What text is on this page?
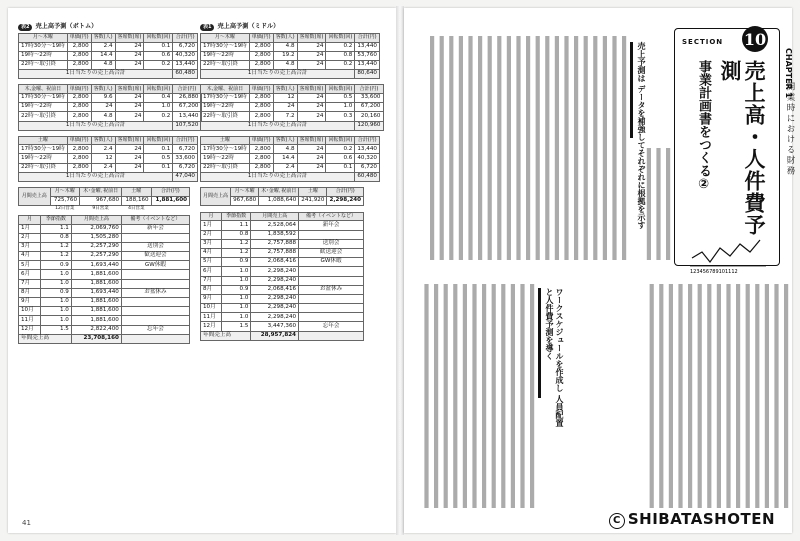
表2 売上高予測（ボトム）
月～木曜	単価(円)	客数(人)	客席数(席)	回転数(回)	合計(円)
17時30分～19時	2,800	2.4	24	0.1	6,720
19時～22時	2,800	14.4	24	0.6	40,320
22時～取引終	2,800	4.8	24	0.2	13,440
1日当たりの売上高合計					60,480
木,金曜、祝前日	単価(円)	客数(人)	客席数(席)	回転数(回)	合計(円)
17時30分～19時	2,800	9.6	24	0.4	26,880
19時～22時	2,800	24	24	1.0	67,200
22時～取引終	2,800	4.8	24	0.2	13,440
1日当たりの売上高合計					107,520
土曜	単価(円)	客数(人)	客席数(席)	回転数(回)	合計(円)
17時30分～19時	2,800	2.4	24	0.1	6,720
19時～22時	2,800	12	24	0.5	33,600
22時～取引終	2,800	2.4	24	0.1	6,720
1日当たりの売上高合計					47,040
月間売上高	月～木曜	木･金曜､祝前日	土曜	合計(円)
	725,760	967,680	188,160	1,881,600
	12日営業	9日営業	4日営業	
月	季節指数	月間売上高	備考（イベントなど）
1月	1.1	2,069,760	新年会
2月	0.8	1,505,280	
3月	1.2	2,257,290	送別会
4月	1.2	2,257,290	歓送迎会
5月	0.9	1,693,440	GW休暇
6月	1.0	1,881,600	
7月	1.0	1,881,600	
8月	0.9	1,693,440	お盆休み
9月	1.0	1,881,600	
10月	1.0	1,881,600	
11月	1.0	1,881,600	
12月	1.5	2,822,400	忘年会
年間売上高		23,708,160	
表1 売上高予測（ミドル）
月～木曜	単価(円)	客数(人)	客席数(席)	回転数(回)	合計(円)
17時30分～19時	2,800	4.8	24	0.2	13,440
19時～22時	2,800	19.2	24	0.8	53,760
22時～取引終	2,800	4.8	24	0.2	13,440
1日当たりの売上高合計					80,640
木,金曜、祝前日	単価(円)	客数(人)	客席数(席)	回転数(回)	合計(円)
17時30分～19時	2,800	12	24	0.5	33,600
19時～22時	2,800	24	24	1.0	67,200
22時～取引終	2,800	7.2	24	0.3	20,160
1日当たりの売上高合計					120,960
土曜	単価(円)	客数(人)	客席数(席)	回転数(回)	合計(円)
17時30分～19時	2,800	4.8	24	0.2	13,440
19時～22時	2,800	14.4	24	0.6	40,320
22時～取引終	2,800	2.4	24	0.1	6,720
1日当たりの売上高合計					60,480
月間売上高	月～木曜	木･金曜､祝前日	土曜	合計(円)
	967,680	1,088,640	241,920	2,298,240
月	季節指数	月間売上高	備考（イベントなど）
1月	1.1	2,528,064	新年会
2月	0.8	1,838,592	
3月	1.2	2,757,888	送別会
4月	1.2	2,757,888	歓送迎会
5月	0.9	2,068,416	GW休暇
6月	1.0	2,298,240	
7月	1.0	2,298,240	
8月	0.9	2,068,416	お盆休み
9月	1.0	2,298,240	
10月	1.0	2,298,240	
11月	1.0	2,298,240	
12月	1.5	3,447,360	忘年会
年間売上高		28,957,824	
41
売上予測は データを補強してそれぞれに根拠を示す
ワークスケジュールを作成し 人員配置と人件費予測を導く
SECTION 10
事業計画書をつくる②	売上高・人件費予測
123456789101112
CHAPTER 1
開業時における財務
C SHIBATASHOTEN
